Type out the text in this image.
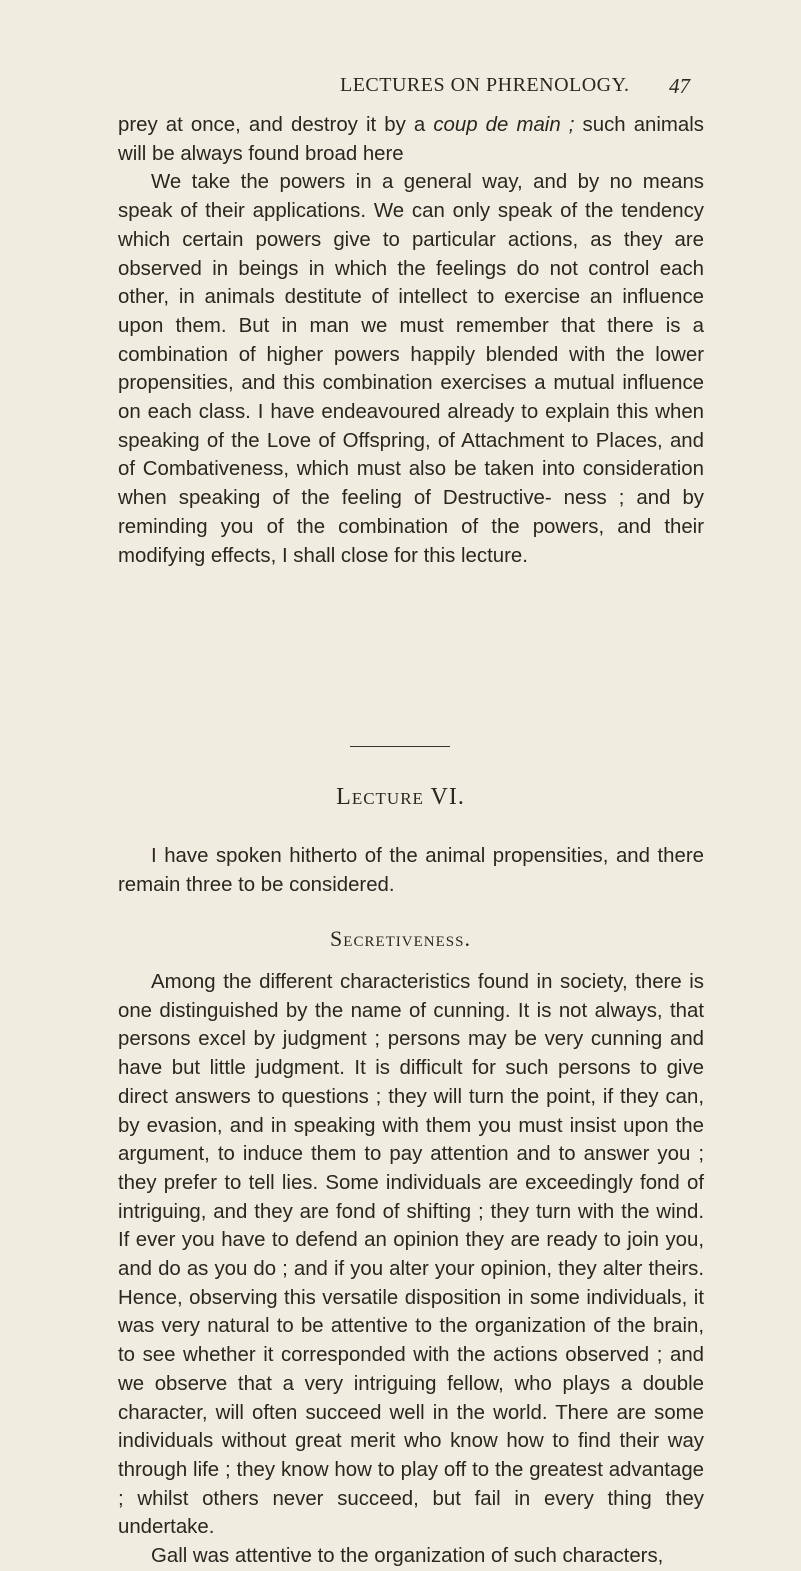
LECTURES ON PHRENOLOGY. 47

prey at once, and destroy it by a coup de main ; such animals will be always found broad here

We take the powers in a general way, and by no means speak of their applications. We can only speak of the tendency which certain powers give to particular actions, as they are observed in beings in which the feelings do not control each other, in animals destitute of intellect to exercise an influence upon them. But in man we must remember that there is a combination of higher powers happily blended with the lower propensities, and this combination exercises a mutual influence on each class. I have endeavoured already to explain this when speaking of the Love of Offspring, of Attachment to Places, and of Combativeness, which must also be taken into consideration when speaking of the feeling of Destructive- ness ; and by reminding you of the combination of the powers, and their modifying effects, I shall close for this lecture.

Lecture VI.

I have spoken hitherto of the animal propensities, and there remain three to be considered.

Secretiveness.

Among the different characteristics found in society, there is one distinguished by the name of cunning. It is not always, that persons excel by judgment ; persons may be very cunning and have but little judgment. It is difficult for such persons to give direct answers to questions ; they will turn the point, if they can, by evasion, and in speaking with them you must insist upon the argument, to induce them to pay attention and to answer you ; they prefer to tell lies. Some individuals are exceedingly fond of intriguing, and they are fond of shifting ; they turn with the wind. If ever you have to defend an opinion they are ready to join you, and do as you do ; and if you alter your opinion, they alter theirs. Hence, observing this versatile disposition in some individuals, it was very natural to be attentive to the organization of the brain, to see whether it corresponded with the actions observed ; and we observe that a very intriguing fellow, who plays a double character, will often succeed well in the world. There are some individuals without great merit who know how to find their way through life ; they know how to play off to the greatest advantage ; whilst others never succeed, but fail in every thing they undertake.

Gall was attentive to the organization of such characters,
